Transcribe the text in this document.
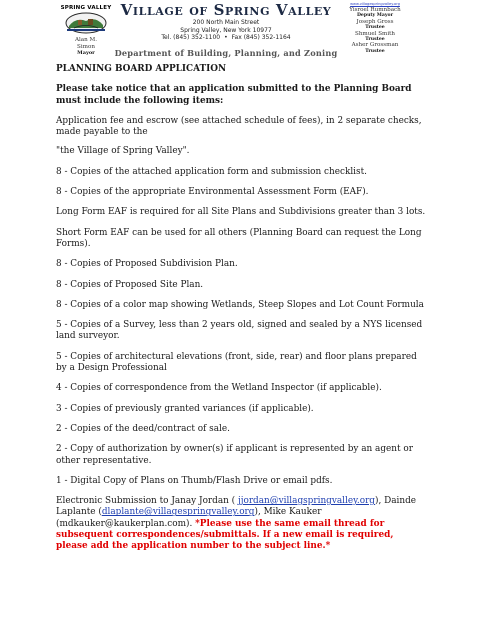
SPRING VALLEY
Alan M.
Simon
Mayor
Village of Spring Valley
200 North Main Street
Spring Valley, New York 10977
Tel. (845) 352-1100 • Fax (845) 352-1164
Department of Building, Planning, and Zoning
www.villagespringvalley.org
Yisroel Rumnbach
Deputy Mayor
Joseph Gross
Trustee
Shmuel Smith
Trustee
Asher Grossman
Trustee

PLANNING BOARD APPLICATION

Please take notice that an application submitted to the Planning Board must include the following items:

Application fee and escrow (see attached schedule of fees), in 2 separate checks, made payable to the

"the Village of Spring Valley".

8 - Copies of the attached application form and submission checklist.

8 - Copies of the appropriate Environmental Assessment Form (EAF).

Long Form EAF is required for all Site Plans and Subdivisions greater than 3 lots.

Short Form EAF can be used for all others (Planning Board can request the Long Forms).

8 - Copies of Proposed Subdivision Plan.

8 - Copies of Proposed Site Plan.

8 - Copies of a color map showing Wetlands, Steep Slopes and Lot Count Formula

5 - Copies of a Survey, less than 2 years old, signed and sealed by a NYS licensed land surveyor.

5 - Copies of architectural elevations (front, side, rear) and floor plans prepared by a Design Professional

4 - Copies of correspondence from the Wetland Inspector (if applicable).

3 - Copies of previously granted variances (if applicable).

2 - Copies of the deed/contract of sale.

2 - Copy of authorization by owner(s) if applicant is represented by an agent or other representative.

1 - Digital Copy of Plans on Thumb/Flash Drive or email pdfs.

Electronic Submission to Janay Jordan ( jjordan@villagspringvalley.org), Dainde Laplante (dlaplante@villagespringvalley.org), Mike Kauker (mdkauker@kaukerplan.com). *Please use the same email thread for subsequent correspondences/submittals. If a new email is required, please add the application number to the subject line.*
